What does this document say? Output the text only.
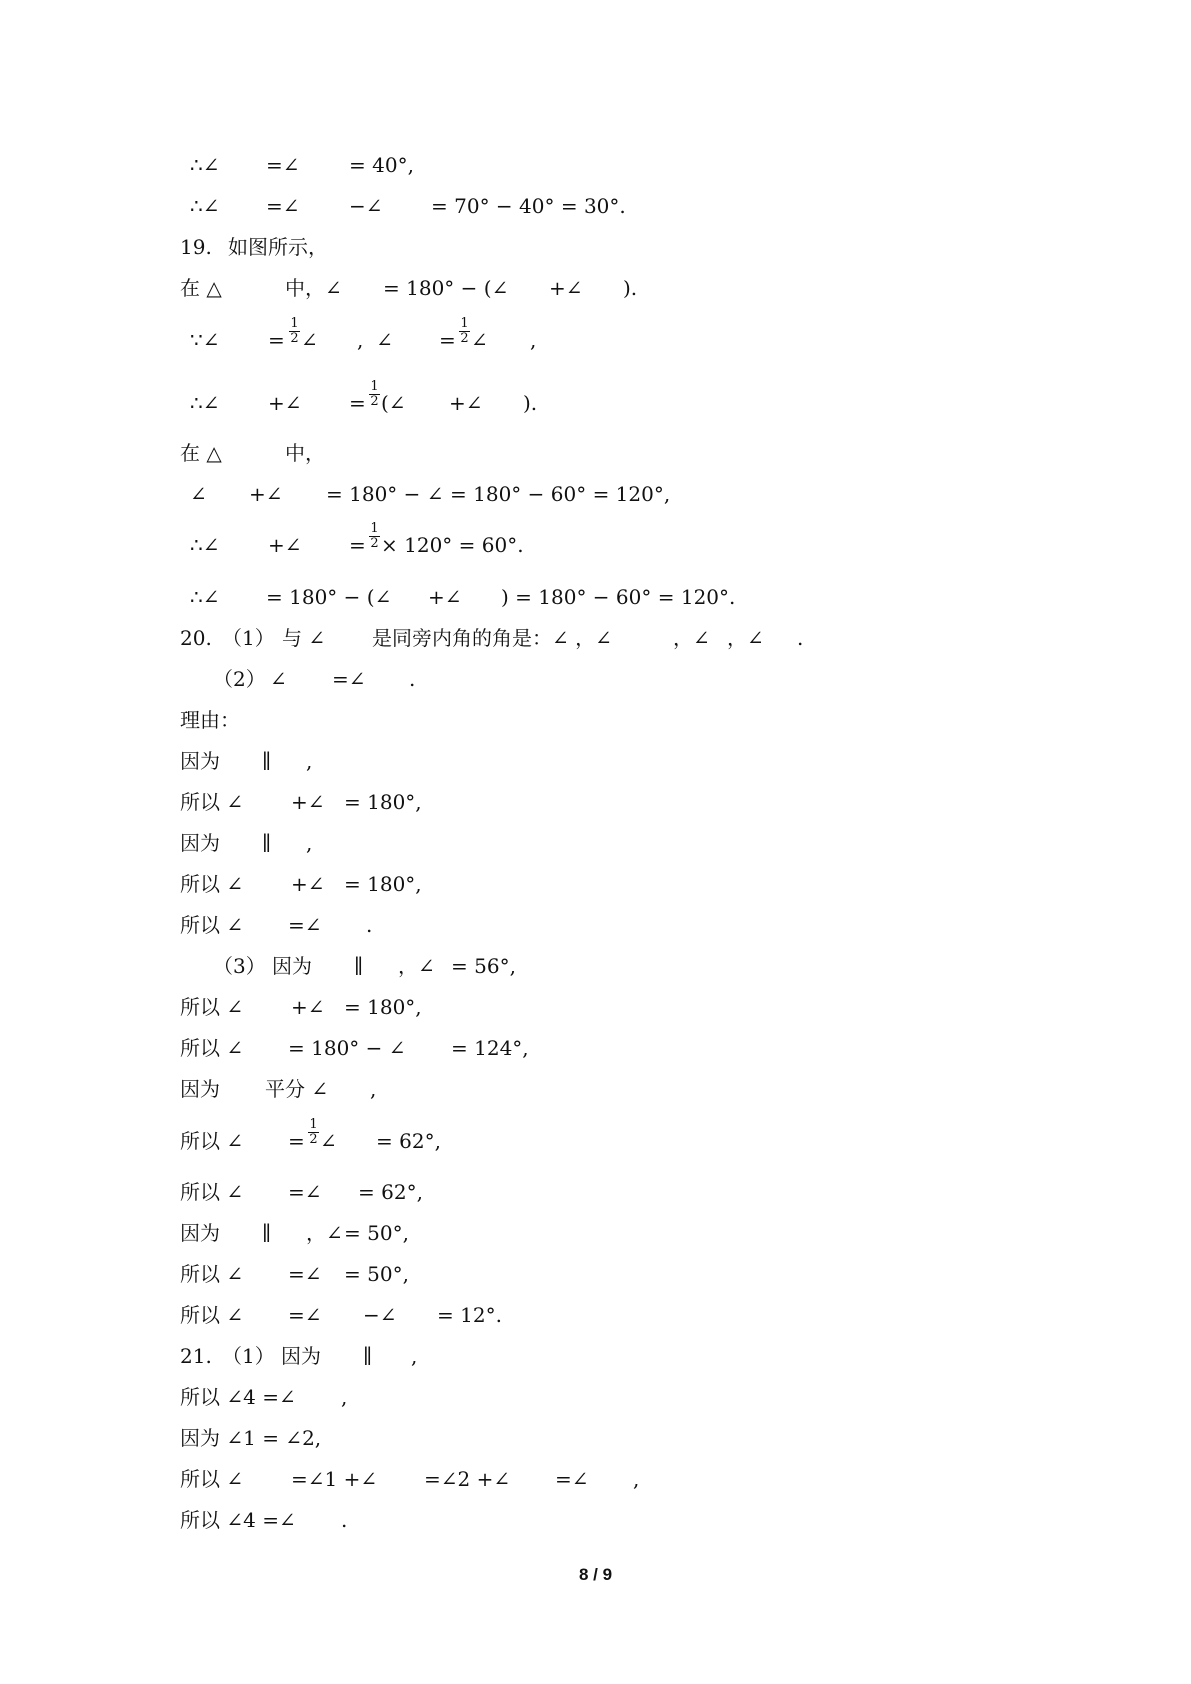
∴∠ =∠ = 40°,
∴∠ =∠ −∠ = 70° − 40° = 30°.
19. 如图所示，
在 △	中，∠ = 180° − (∠ +∠ ).
∵∠ =
1
2 ∠ ,  ∠ =
1
2 ∠ ,
∴∠ +∠ =
1
2 (∠ +∠ ).
在 △	中，
∠ +∠ = 180° − ∠ = 180° − 60° = 120°,
∴∠ +∠ =
1
2 × 120° = 60°.
∴∠ = 180° − (∠ +∠ ) = 180° − 60° = 120°.
20. （1） 与 ∠ 是同旁内角的角是：∠ ，∠	，∠ ，∠ .
（2） ∠ =∠ .
理由：
因为 ∥ ,
所以 ∠ +∠ = 180°,
因为 ∥ ,
所以 ∠ +∠ = 180°,
所以 ∠ =∠ .
（3） 因为 ∥ ，∠ = 56°,
所以 ∠ +∠ = 180°,
所以 ∠ = 180° − ∠ = 124°,
因为 平分 ∠ ,
所以 ∠ =
1
2 ∠ = 62°,
所以 ∠ =∠ = 62°,
因为 ∥ ，∠ = 50°,
所以 ∠ =∠ = 50°,
所以 ∠ =∠ −∠ = 12°.
21. （1） 因为 ∥ ,
所以 ∠4 =∠ ,
因为 ∠1 = ∠2,
所以 ∠ =∠1 +∠ =∠2 +∠ =∠ ,
所以 ∠4 =∠ .
8 / 9
